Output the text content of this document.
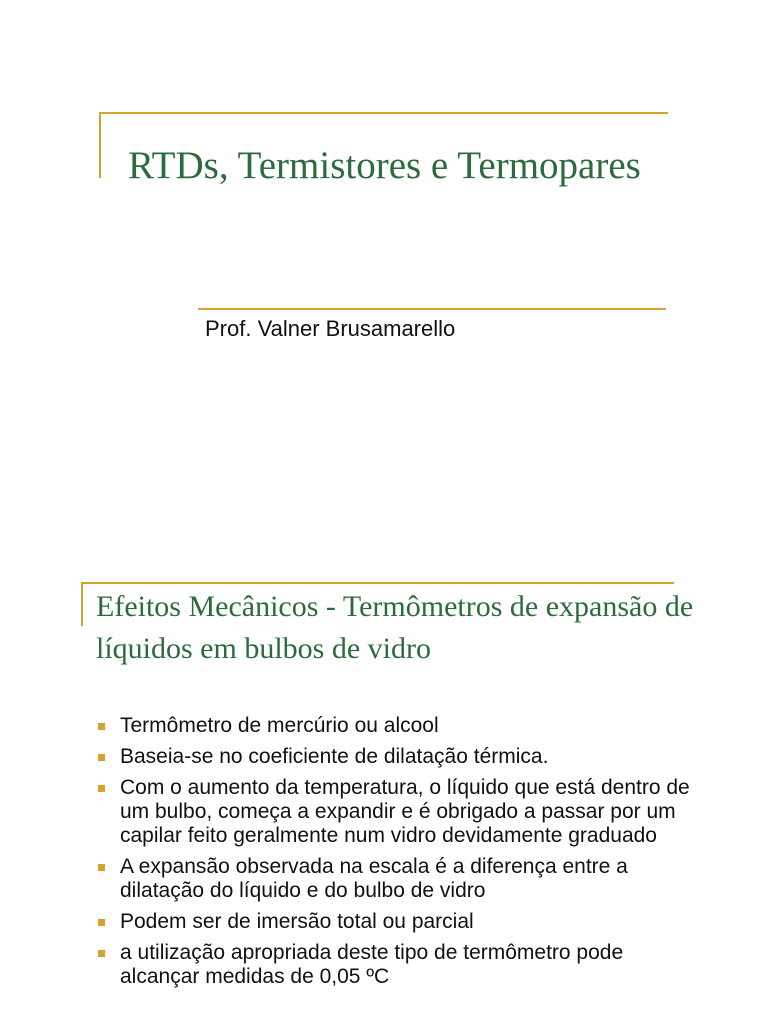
RTDs, Termistores e Termopares
Prof. Valner Brusamarello
Efeitos Mecânicos - Termômetros de expansão de líquidos em bulbos de vidro
Termômetro de mercúrio ou alcool
Baseia-se no coeficiente de dilatação térmica.
Com o aumento da temperatura, o líquido que está dentro de um bulbo, começa a expandir e é obrigado a passar por um capilar feito geralmente num vidro devidamente graduado
A expansão observada na escala é a diferença entre a dilatação do líquido e do bulbo de vidro
Podem ser de imersão total ou parcial
a utilização apropriada deste tipo de termômetro pode alcançar medidas de 0,05 ºC
